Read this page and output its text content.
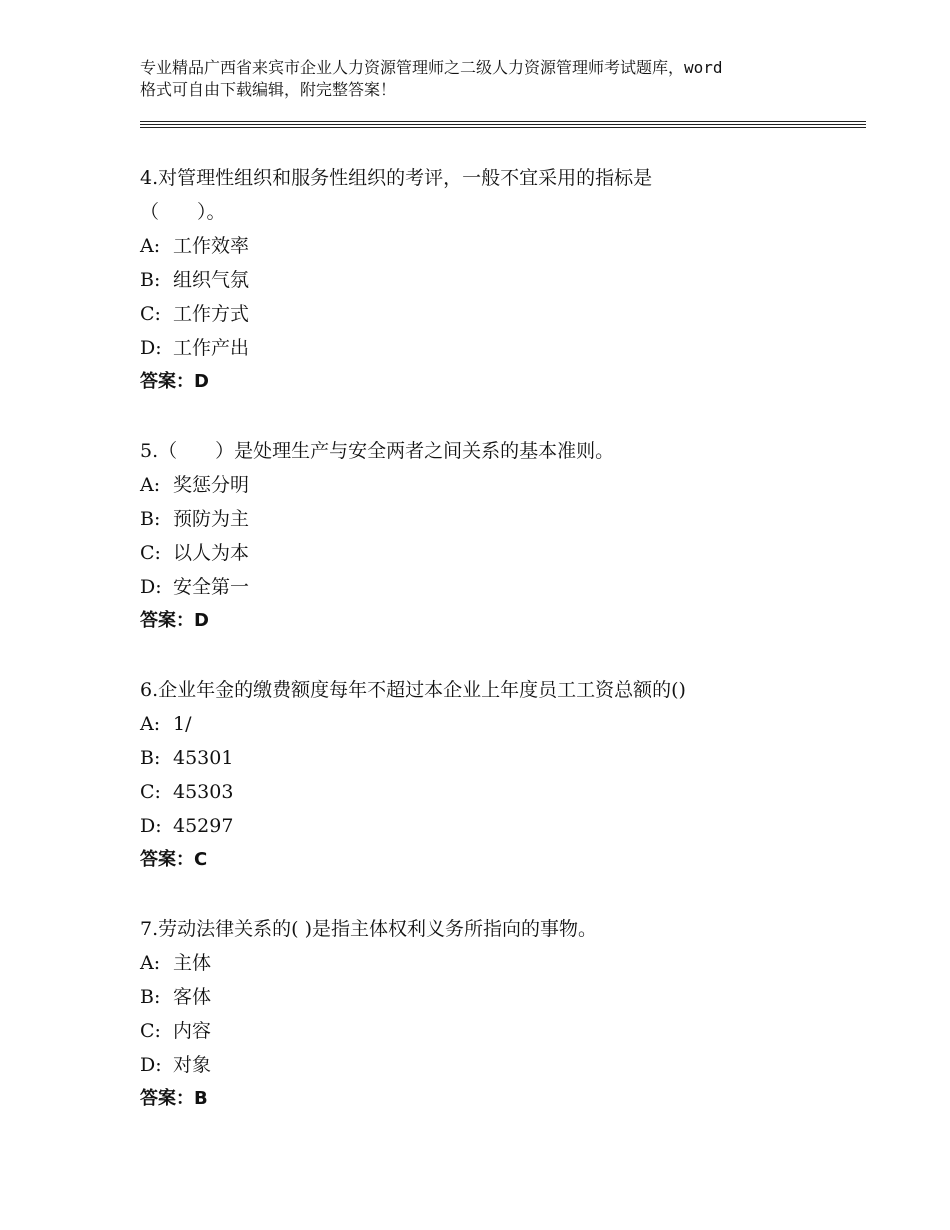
专业精品广西省来宾市企业人力资源管理师之二级人力资源管理师考试题库，word
格式可自由下载编辑，附完整答案！
4.对管理性组织和服务性组织的考评，一般不宜采用的指标是
（　　）。
A: 工作效率
B: 组织气氛
C: 工作方式
D: 工作产出
答案：D
5.（　　）是处理生产与安全两者之间关系的基本准则。
A: 奖惩分明
B: 预防为主
C: 以人为本
D: 安全第一
答案：D
6.企业年金的缴费额度每年不超过本企业上年度员工工资总额的()
A: 1/
B: 45301
C: 45303
D: 45297
答案：C
7.劳动法律关系的( )是指主体权利义务所指向的事物。
A: 主体
B: 客体
C: 内容
D: 对象
答案：B
